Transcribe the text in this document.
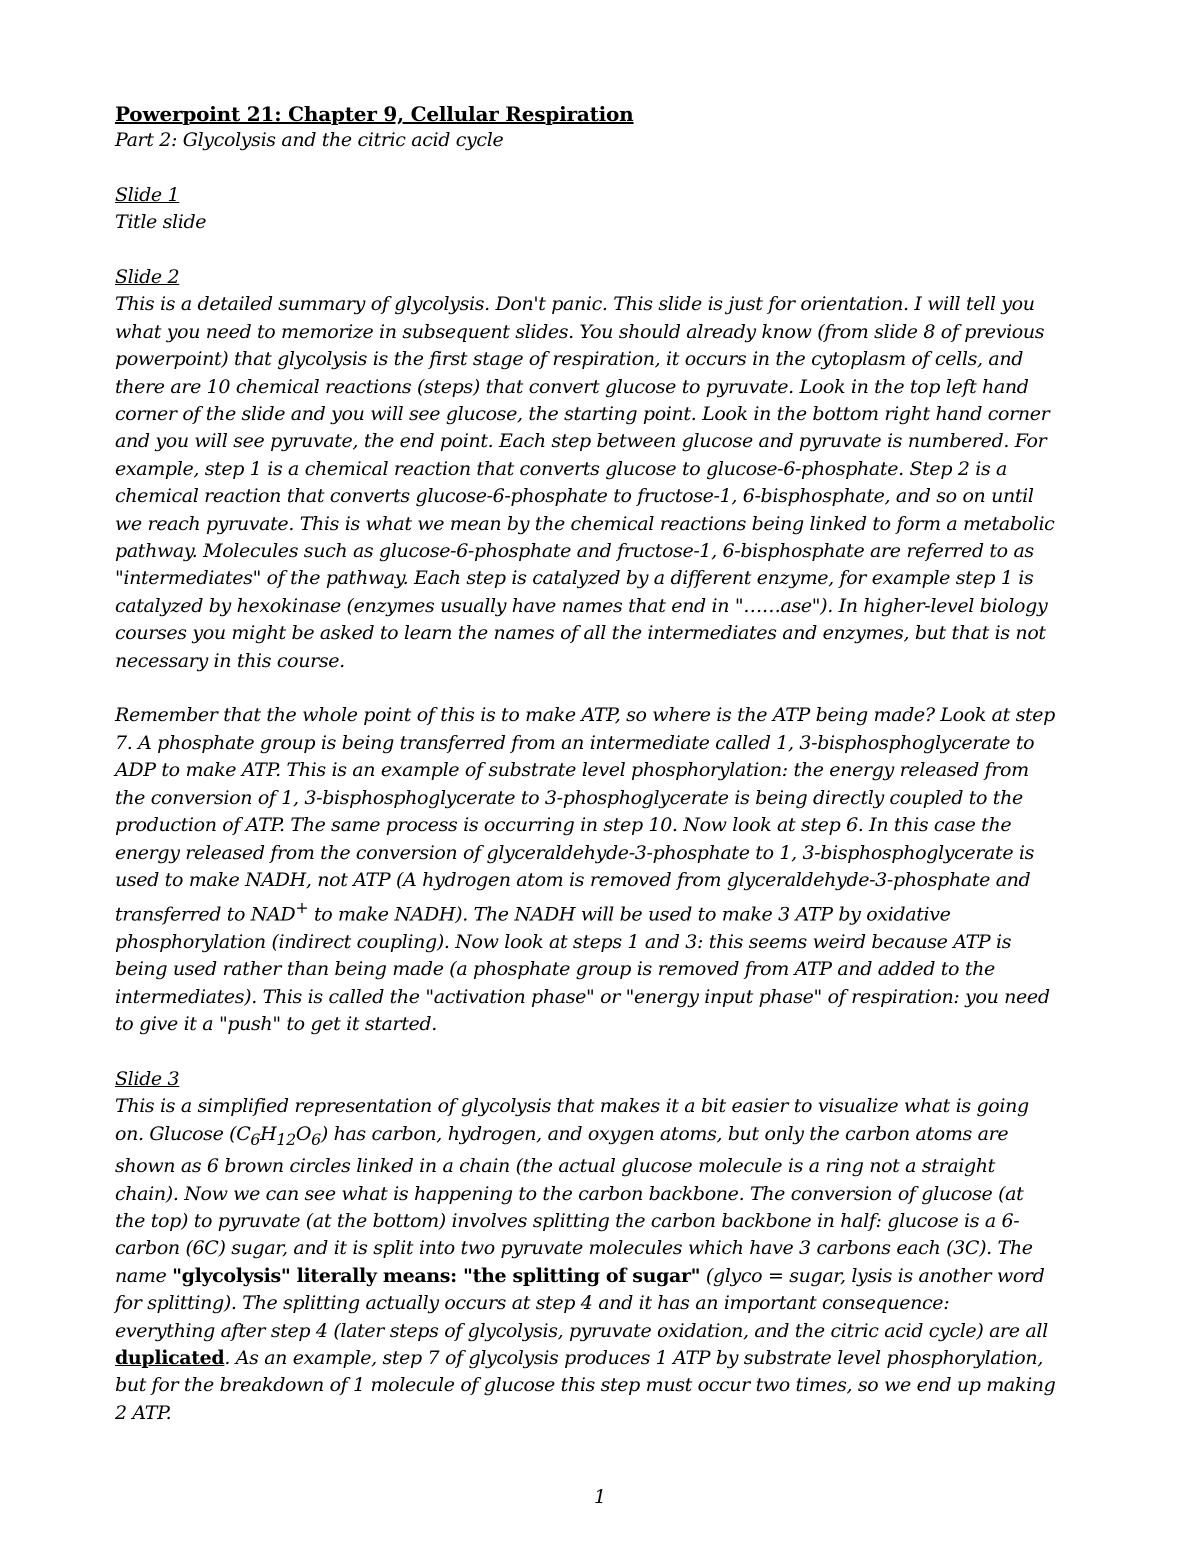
Powerpoint 21: Chapter 9, Cellular Respiration
Part 2: Glycolysis and the citric acid cycle
Slide 1
Title slide
Slide 2
This is a detailed summary of glycolysis. Don't panic. This slide is just for orientation. I will tell you
what you need to memorize in subsequent slides. You should already know (from slide 8 of previous
powerpoint) that glycolysis is the first stage of respiration, it occurs in the cytoplasm of cells, and
there are 10 chemical reactions (steps) that convert glucose to pyruvate. Look in the top left hand
corner of the slide and you will see glucose, the starting point. Look in the bottom right hand corner
and you will see pyruvate, the end point. Each step between glucose and pyruvate is numbered. For
example, step 1 is a chemical reaction that converts glucose to glucose-6-phosphate. Step 2 is a
chemical reaction that converts glucose-6-phosphate to fructose-1, 6-bisphosphate, and so on until
we reach pyruvate. This is what we mean by the chemical reactions being linked to form a metabolic
pathway. Molecules such as glucose-6-phosphate and fructose-1, 6-bisphosphate are referred to as
"intermediates" of the pathway. Each step is catalyzed by a different enzyme, for example step 1 is
catalyzed by hexokinase (enzymes usually have names that end in "……ase"). In higher-level biology
courses you might be asked to learn the names of all the intermediates and enzymes, but that is not
necessary in this course.
Remember that the whole point of this is to make ATP, so where is the ATP being made? Look at step
7. A phosphate group is being transferred from an intermediate called 1, 3-bisphosphoglycerate to
ADP to make ATP. This is an example of substrate level phosphorylation: the energy released from
the conversion of 1, 3-bisphosphoglycerate to 3-phosphoglycerate is being directly coupled to the
production of ATP. The same process is occurring in step 10. Now look at step 6. In this case the
energy released from the conversion of glyceraldehyde-3-phosphate to 1, 3-bisphosphoglycerate is
used to make NADH, not ATP (A hydrogen atom is removed from glyceraldehyde-3-phosphate and
transferred to NAD+ to make NADH). The NADH will be used to make 3 ATP by oxidative
phosphorylation (indirect coupling). Now look at steps 1 and 3: this seems weird because ATP is
being used rather than being made (a phosphate group is removed from ATP and added to the
intermediates). This is called the "activation phase" or "energy input phase" of respiration: you need
to give it a "push" to get it started.
Slide 3
This is a simplified representation of glycolysis that makes it a bit easier to visualize what is going
on. Glucose $(C_6H_{12}O_6)$ has carbon, hydrogen, and oxygen atoms, but only the carbon atoms are
shown as 6 brown circles linked in a chain (the actual glucose molecule is a ring not a straight
chain). Now we can see what is happening to the carbon backbone. The conversion of glucose (at
the top) to pyruvate (at the bottom) involves splitting the carbon backbone in half: glucose is a 6-
carbon (6C) sugar, and it is split into two pyruvate molecules which have 3 carbons each (3C). The
name "glycolysis" literally means: "the splitting of sugar" (glyco = sugar, lysis is another word
for splitting). The splitting actually occurs at step 4 and it has an important consequence:
everything after step 4 (later steps of glycolysis, pyruvate oxidation, and the citric acid cycle) are all
duplicated. As an example, step 7 of glycolysis produces 1 ATP by substrate level phosphorylation,
but for the breakdown of 1 molecule of glucose this step must occur two times, so we end up making
2 ATP.
1
